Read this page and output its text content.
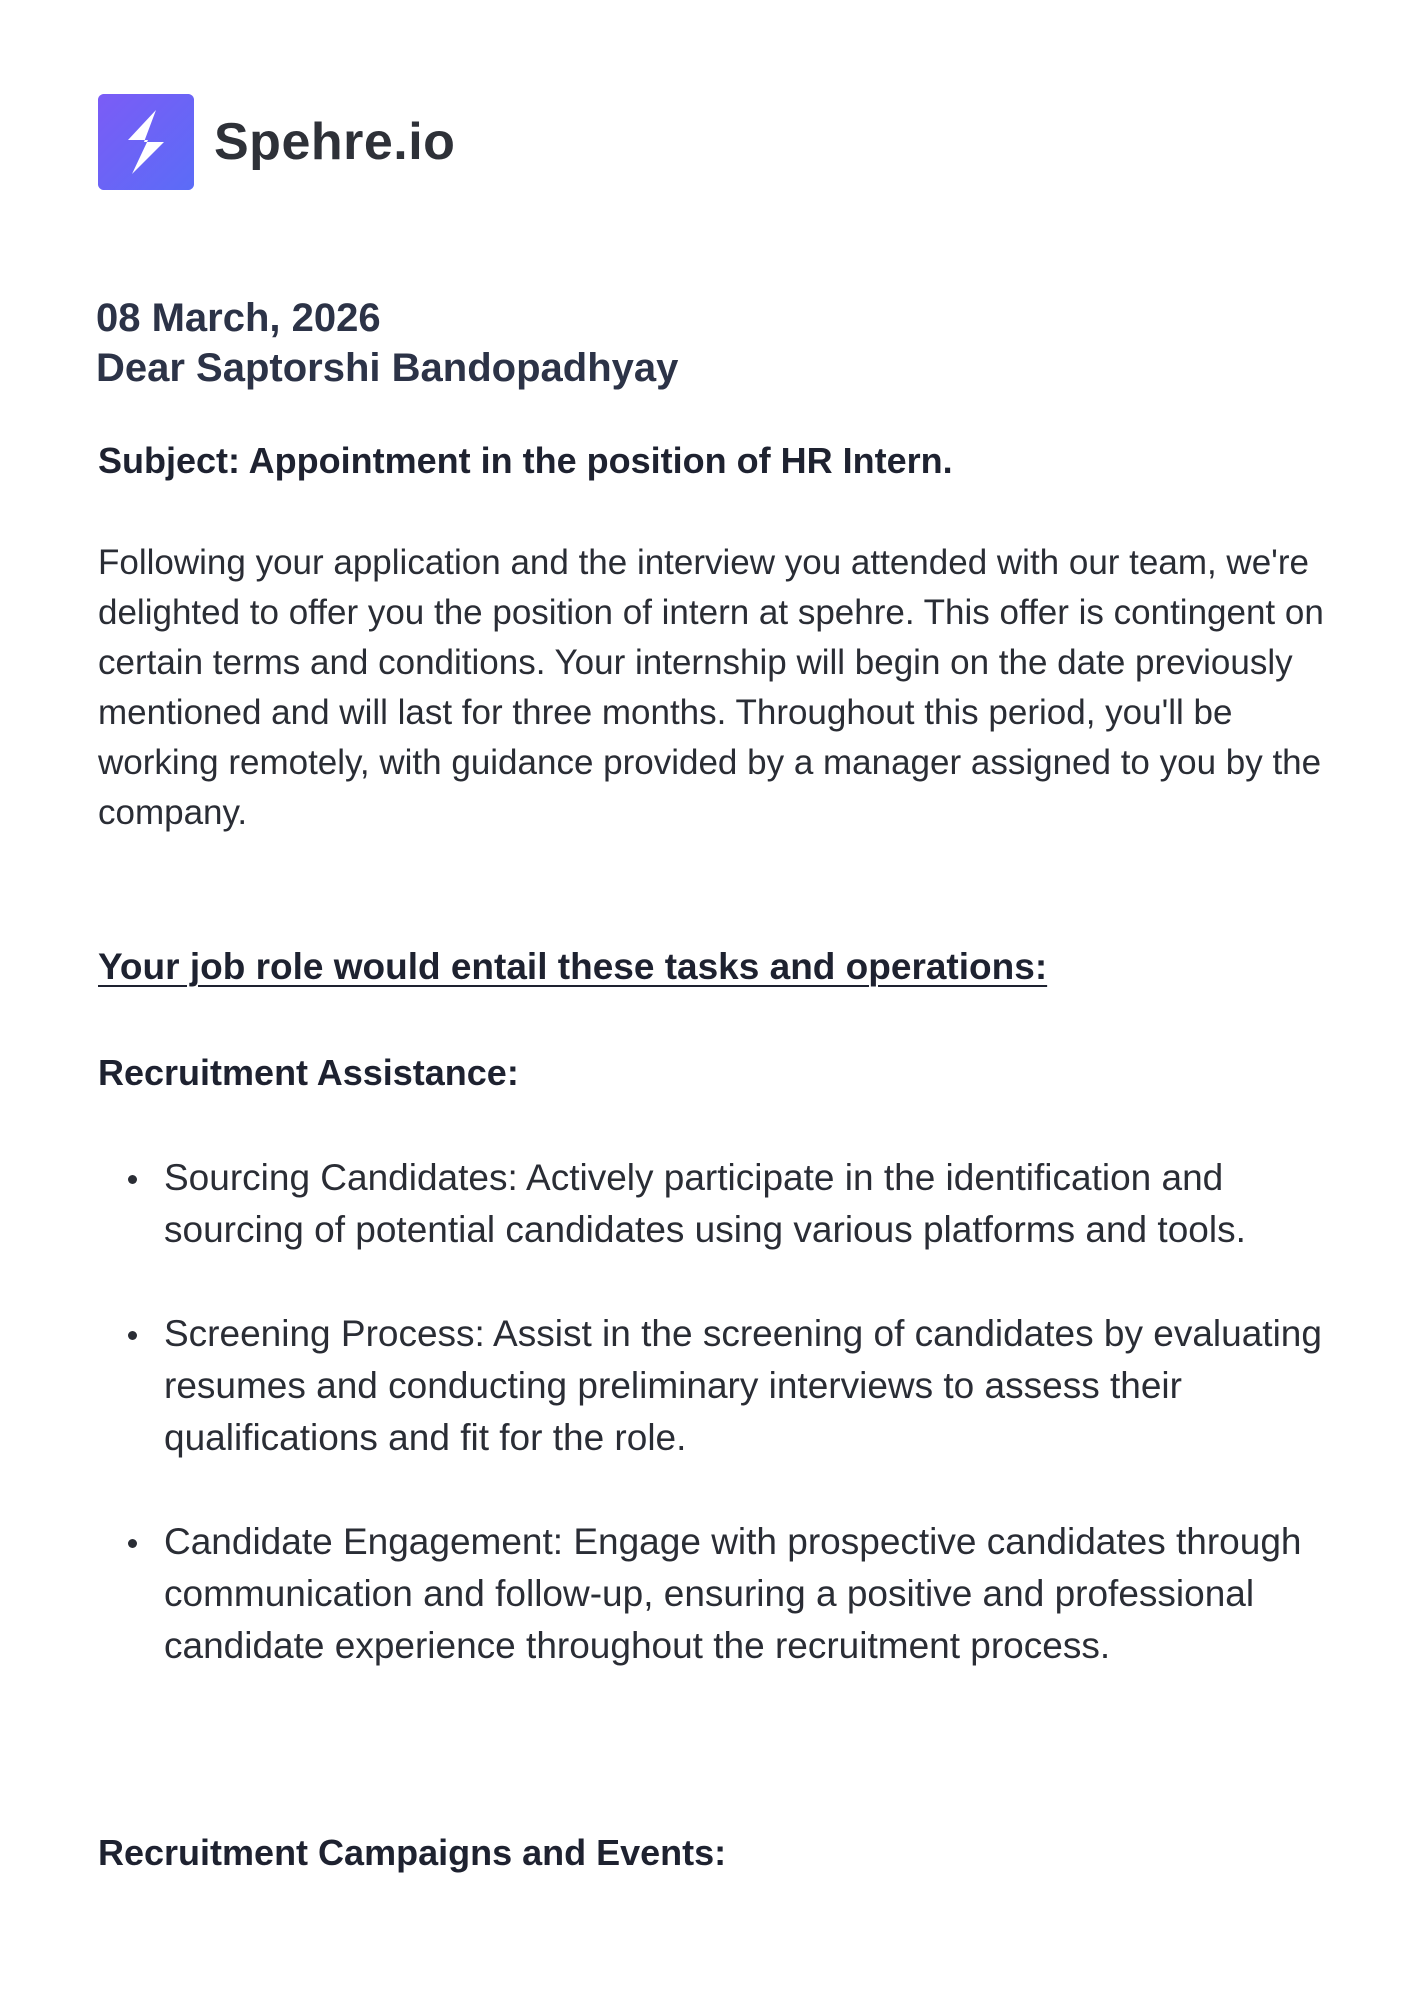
Spehre.io
08 March, 2026
Dear Saptorshi Bandopadhyay
Subject: Appointment in the position of HR Intern.
Following your application and the interview you attended with our team, we're delighted to offer you the position of intern at spehre. This offer is contingent on certain terms and conditions. Your internship will begin on the date previously mentioned and will last for three months. Throughout this period, you'll be working remotely, with guidance provided by a manager assigned to you by the company.
Your job role would entail these tasks and operations:
Recruitment Assistance:
Sourcing Candidates: Actively participate in the identification and sourcing of potential candidates using various platforms and tools.
Screening Process: Assist in the screening of candidates by evaluating resumes and conducting preliminary interviews to assess their qualifications and fit for the role.
Candidate Engagement: Engage with prospective candidates through communication and follow-up, ensuring a positive and professional candidate experience throughout the recruitment process.
Recruitment Campaigns and Events:
